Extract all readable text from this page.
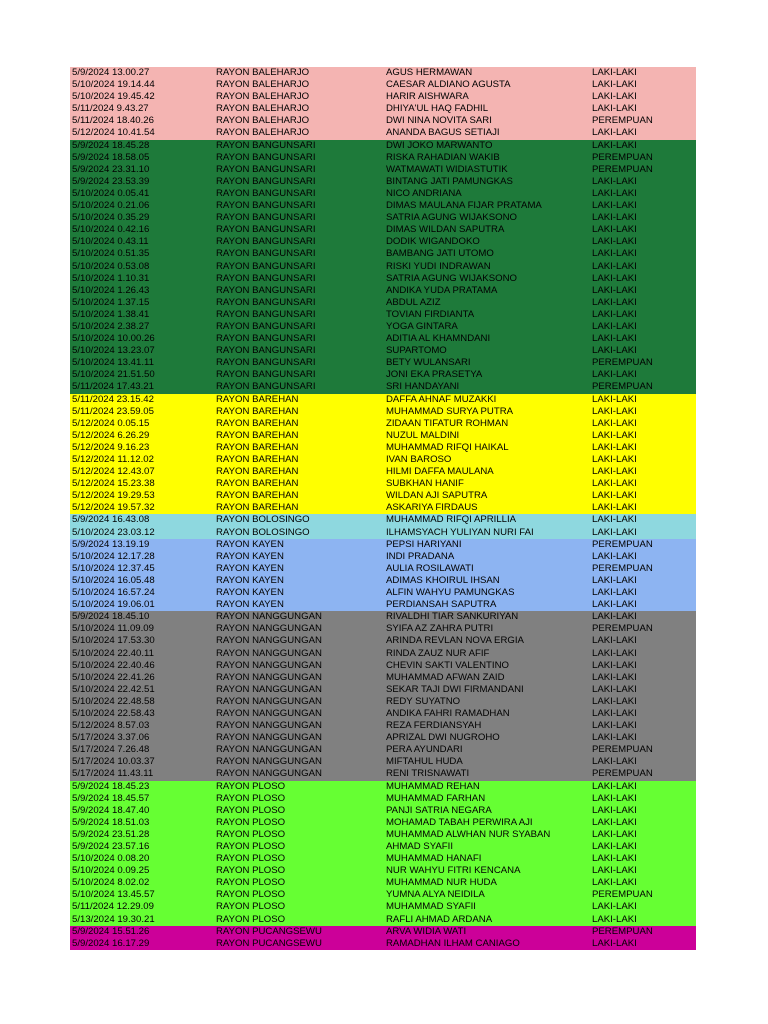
5/9/2024 13.00.27	RAYON BALEHARJO	AGUS HERMAWAN	LAKI-LAKI
5/10/2024 19.14.44	RAYON BALEHARJO	CAESAR ALDIANO AGUSTA	LAKI-LAKI
5/10/2024 19.45.42	RAYON BALEHARJO	HARIR AISHWARA	LAKI-LAKI
5/11/2024 9.43.27	RAYON BALEHARJO	DHIYA'UL HAQ FADHIL	LAKI-LAKI
5/11/2024 18.40.26	RAYON BALEHARJO	DWI NINA NOVITA SARI	PEREMPUAN
5/12/2024 10.41.54	RAYON BALEHARJO	ANANDA BAGUS SETIAJI	LAKI-LAKI
5/9/2024 18.45.28	RAYON BANGUNSARI	DWI JOKO MARWANTO	LAKI-LAKI
5/9/2024 18.58.05	RAYON BANGUNSARI	RISKA RAHADIAN WAKIB	PEREMPUAN
5/9/2024 23.31.10	RAYON BANGUNSARI	WATMAWATI WIDIASTUTIK	PEREMPUAN
5/9/2024 23.53.39	RAYON BANGUNSARI	BINTANG JATI PAMUNGKAS	LAKI-LAKI
5/10/2024 0.05.41	RAYON BANGUNSARI	NICO ANDRIANA	LAKI-LAKI
5/10/2024 0.21.06	RAYON BANGUNSARI	DIMAS MAULANA FIJAR PRATAMA	LAKI-LAKI
5/10/2024 0.35.29	RAYON BANGUNSARI	SATRIA AGUNG WIJAKSONO	LAKI-LAKI
5/10/2024 0.42.16	RAYON BANGUNSARI	DIMAS WILDAN SAPUTRA	LAKI-LAKI
5/10/2024 0.43.11	RAYON BANGUNSARI	DODIK WIGANDOKO	LAKI-LAKI
5/10/2024 0.51.35	RAYON BANGUNSARI	BAMBANG JATI UTOMO	LAKI-LAKI
5/10/2024 0.53.08	RAYON BANGUNSARI	RISKI YUDI INDRAWAN	LAKI-LAKI
5/10/2024 1.10.31	RAYON BANGUNSARI	SATRIA AGUNG WIJAKSONO	LAKI-LAKI
5/10/2024 1.26.43	RAYON BANGUNSARI	ANDIKA YUDA PRATAMA	LAKI-LAKI
5/10/2024 1.37.15	RAYON BANGUNSARI	ABDUL AZIZ	LAKI-LAKI
5/10/2024 1.38.41	RAYON BANGUNSARI	TOVIAN FIRDIANTA	LAKI-LAKI
5/10/2024 2.38.27	RAYON BANGUNSARI	YOGA GINTARA	LAKI-LAKI
5/10/2024 10.00.26	RAYON BANGUNSARI	ADITIA AL KHAMNDANI	LAKI-LAKI
5/10/2024 13.23.07	RAYON BANGUNSARI	SUPARTOMO	LAKI-LAKI
5/10/2024 13.41.11	RAYON BANGUNSARI	BETY WULANSARI	PEREMPUAN
5/10/2024 21.51.50	RAYON BANGUNSARI	JONI EKA PRASETYA	LAKI-LAKI
5/11/2024 17.43.21	RAYON BANGUNSARI	SRI HANDAYANI	PEREMPUAN
5/11/2024 23.15.42	RAYON BAREHAN	DAFFA AHNAF MUZAKKI	LAKI-LAKI
5/11/2024 23.59.05	RAYON BAREHAN	MUHAMMAD SURYA PUTRA	LAKI-LAKI
5/12/2024 0.05.15	RAYON BAREHAN	ZIDAAN TIFATUR ROHMAN	LAKI-LAKI
5/12/2024 6.26.29	RAYON BAREHAN	NUZUL MALDINI	LAKI-LAKI
5/12/2024 9.16.23	RAYON BAREHAN	MUHAMMAD RIFQI HAIKAL	LAKI-LAKI
5/12/2024 11.12.02	RAYON BAREHAN	IVAN BAROSO	LAKI-LAKI
5/12/2024 12.43.07	RAYON BAREHAN	HILMI DAFFA MAULANA	LAKI-LAKI
5/12/2024 15.23.38	RAYON BAREHAN	SUBKHAN HANIF	LAKI-LAKI
5/12/2024 19.29.53	RAYON BAREHAN	WILDAN AJI SAPUTRA	LAKI-LAKI
5/12/2024 19.57.32	RAYON BAREHAN	ASKARIYA FIRDAUS	LAKI-LAKI
5/9/2024 16.43.08	RAYON BOLOSINGO	MUHAMMAD RIFQI APRILLIA	LAKI-LAKI
5/10/2024 23.03.12	RAYON BOLOSINGO	ILHAMSYACH YULIYAN NURI FAI	LAKI-LAKI
5/9/2024 13.19.19	RAYON KAYEN	PEPSI HARIYANI	PEREMPUAN
5/10/2024 12.17.28	RAYON KAYEN	INDI PRADANA	LAKI-LAKI
5/10/2024 12.37.45	RAYON KAYEN	AULIA ROSILAWATI	PEREMPUAN
5/10/2024 16.05.48	RAYON KAYEN	ADIMAS KHOIRUL IHSAN	LAKI-LAKI
5/10/2024 16.57.24	RAYON KAYEN	ALFIN WAHYU PAMUNGKAS	LAKI-LAKI
5/10/2024 19.06.01	RAYON KAYEN	PERDIANSAH SAPUTRA	LAKI-LAKI
5/9/2024 18.45.10	RAYON NANGGUNGAN	RIVALDHI TIAR SANKURIYAN	LAKI-LAKI
5/10/2024 11.09.09	RAYON NANGGUNGAN	SYIFA AZ ZAHRA PUTRI	PEREMPUAN
5/10/2024 17.53.30	RAYON NANGGUNGAN	ARINDA REVLAN NOVA ERGIA	LAKI-LAKI
5/10/2024 22.40.11	RAYON NANGGUNGAN	RINDA ZAUZ NUR AFIF	LAKI-LAKI
5/10/2024 22.40.46	RAYON NANGGUNGAN	CHEVIN SAKTI VALENTINO	LAKI-LAKI
5/10/2024 22.41.26	RAYON NANGGUNGAN	MUHAMMAD AFWAN ZAID	LAKI-LAKI
5/10/2024 22.42.51	RAYON NANGGUNGAN	SEKAR TAJI DWI FIRMANDANI	LAKI-LAKI
5/10/2024 22.48.58	RAYON NANGGUNGAN	REDY SUYATNO	LAKI-LAKI
5/10/2024 22.58.43	RAYON NANGGUNGAN	ANDIKA FAHRI RAMADHAN	LAKI-LAKI
5/12/2024 8.57.03	RAYON NANGGUNGAN	REZA FERDIANSYAH	LAKI-LAKI
5/17/2024 3.37.06	RAYON NANGGUNGAN	APRIZAL DWI NUGROHO	LAKI-LAKI
5/17/2024 7.26.48	RAYON NANGGUNGAN	PERA AYUNDARI	PEREMPUAN
5/17/2024 10.03.37	RAYON NANGGUNGAN	MIFTAHUL HUDA	LAKI-LAKI
5/17/2024 11.43.11	RAYON NANGGUNGAN	RENI TRISNAWATI	PEREMPUAN
5/9/2024 18.45.23	RAYON PLOSO	MUHAMMAD REHAN	LAKI-LAKI
5/9/2024 18.45.57	RAYON PLOSO	MUHAMMAD FARHAN	LAKI-LAKI
5/9/2024 18.47.40	RAYON PLOSO	PANJI SATRIA NEGARA	LAKI-LAKI
5/9/2024 18.51.03	RAYON PLOSO	MOHAMAD TABAH PERWIRA AJI	LAKI-LAKI
5/9/2024 23.51.28	RAYON PLOSO	MUHAMMAD ALWHAN NUR SYABAN	LAKI-LAKI
5/9/2024 23.57.16	RAYON PLOSO	AHMAD SYAFII	LAKI-LAKI
5/10/2024 0.08.20	RAYON PLOSO	MUHAMMAD HANAFI	LAKI-LAKI
5/10/2024 0.09.25	RAYON PLOSO	NUR WAHYU FITRI KENCANA	LAKI-LAKI
5/10/2024 8.02.02	RAYON PLOSO	MUHAMMAD NUR HUDA	LAKI-LAKI
5/10/2024 13.45.57	RAYON PLOSO	YUMNA ALYA NEIDILA	PEREMPUAN
5/11/2024 12.29.09	RAYON PLOSO	MUHAMMAD SYAFII	LAKI-LAKI
5/13/2024 19.30.21	RAYON PLOSO	RAFLI AHMAD ARDANA	LAKI-LAKI
5/9/2024 15.51.26	RAYON PUCANGSEWU	ARVA WIDIA WATI	PEREMPUAN
5/9/2024 16.17.29	RAYON PUCANGSEWU	RAMADHAN ILHAM CANIAGO	LAKI-LAKI
